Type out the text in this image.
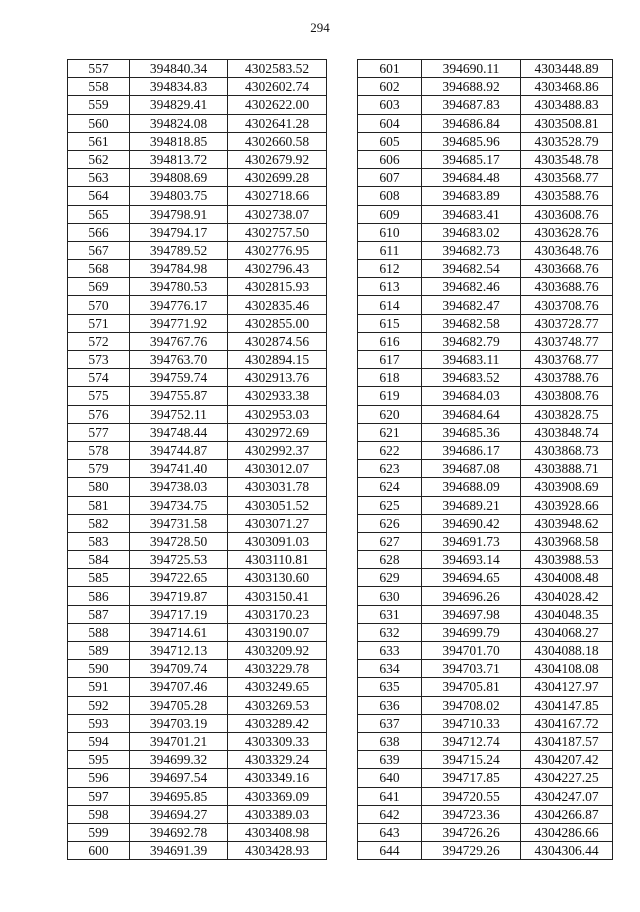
294
557	394840.34	4302583.52
558	394834.83	4302602.74
559	394829.41	4302622.00
560	394824.08	4302641.28
561	394818.85	4302660.58
562	394813.72	4302679.92
563	394808.69	4302699.28
564	394803.75	4302718.66
565	394798.91	4302738.07
566	394794.17	4302757.50
567	394789.52	4302776.95
568	394784.98	4302796.43
569	394780.53	4302815.93
570	394776.17	4302835.46
571	394771.92	4302855.00
572	394767.76	4302874.56
573	394763.70	4302894.15
574	394759.74	4302913.76
575	394755.87	4302933.38
576	394752.11	4302953.03
577	394748.44	4302972.69
578	394744.87	4302992.37
579	394741.40	4303012.07
580	394738.03	4303031.78
581	394734.75	4303051.52
582	394731.58	4303071.27
583	394728.50	4303091.03
584	394725.53	4303110.81
585	394722.65	4303130.60
586	394719.87	4303150.41
587	394717.19	4303170.23
588	394714.61	4303190.07
589	394712.13	4303209.92
590	394709.74	4303229.78
591	394707.46	4303249.65
592	394705.28	4303269.53
593	394703.19	4303289.42
594	394701.21	4303309.33
595	394699.32	4303329.24
596	394697.54	4303349.16
597	394695.85	4303369.09
598	394694.27	4303389.03
599	394692.78	4303408.98
600	394691.39	4303428.93
601	394690.11	4303448.89
602	394688.92	4303468.86
603	394687.83	4303488.83
604	394686.84	4303508.81
605	394685.96	4303528.79
606	394685.17	4303548.78
607	394684.48	4303568.77
608	394683.89	4303588.76
609	394683.41	4303608.76
610	394683.02	4303628.76
611	394682.73	4303648.76
612	394682.54	4303668.76
613	394682.46	4303688.76
614	394682.47	4303708.76
615	394682.58	4303728.77
616	394682.79	4303748.77
617	394683.11	4303768.77
618	394683.52	4303788.76
619	394684.03	4303808.76
620	394684.64	4303828.75
621	394685.36	4303848.74
622	394686.17	4303868.73
623	394687.08	4303888.71
624	394688.09	4303908.69
625	394689.21	4303928.66
626	394690.42	4303948.62
627	394691.73	4303968.58
628	394693.14	4303988.53
629	394694.65	4304008.48
630	394696.26	4304028.42
631	394697.98	4304048.35
632	394699.79	4304068.27
633	394701.70	4304088.18
634	394703.71	4304108.08
635	394705.81	4304127.97
636	394708.02	4304147.85
637	394710.33	4304167.72
638	394712.74	4304187.57
639	394715.24	4304207.42
640	394717.85	4304227.25
641	394720.55	4304247.07
642	394723.36	4304266.87
643	394726.26	4304286.66
644	394729.26	4304306.44
